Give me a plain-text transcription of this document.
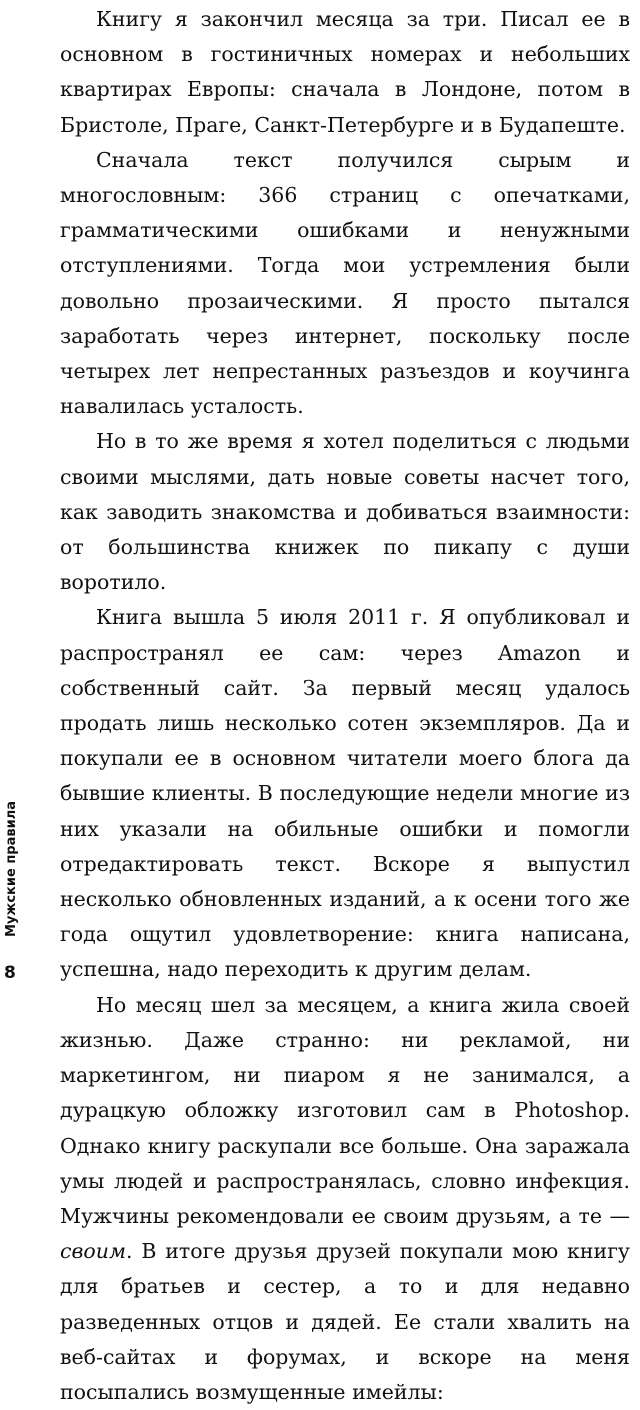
Книгу я закончил месяца за три. Писал ее в основном в гостиничных номерах и небольших квартирах Европы: сначала в Лондоне, потом в Бристоле, Праге, Санкт-Петербурге и в Будапеште.

Сначала текст получился сырым и многословным: 366 страниц с опечатками, грамматическими ошибками и ненужными отступлениями. Тогда мои устремления были довольно прозаическими. Я просто пытался заработать через интернет, поскольку после четырех лет непрестанных разъездов и коучинга навалилась усталость.

Но в то же время я хотел поделиться с людьми своими мыслями, дать новые советы насчет того, как заводить знакомства и добиваться взаимности: от большинства книжек по пикапу с души воротило.

Книга вышла 5 июля 2011 г. Я опубликовал и распространял ее сам: через Amazon и собственный сайт. За первый месяц удалось продать лишь несколько сотен экземпляров. Да и покупали ее в основном читатели моего блога да бывшие клиенты. В последующие недели многие из них указали на обильные ошибки и помогли отредактировать текст. Вскоре я выпустил несколько обновленных изданий, а к осени того же года ощутил удовлетворение: книга написана, успешна, надо переходить к другим делам.

Но месяц шел за месяцем, а книга жила своей жизнью. Даже странно: ни рекламой, ни маркетингом, ни пиаром я не занимался, а дурацкую обложку изготовил сам в Photoshop. Однако книгу раскупали все больше. Она заражала умы людей и распространялась, словно инфекция. Мужчины рекомендовали ее своим друзьям, а те — своим. В итоге друзья друзей покупали мою книгу для братьев и сестер, а то и для недавно разведенных отцов и дядей. Ее стали хвалить на веб-сайтах и форумах, и вскоре на меня посыпались возмущенные имейлы:

Мужские правила
8
